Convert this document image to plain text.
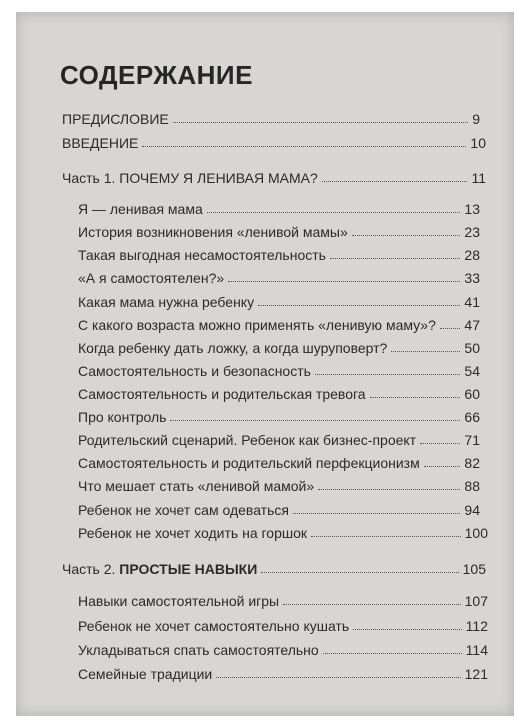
СОДЕРЖАНИЕ
ПРЕДИСЛОВИЕ	9
ВВЕДЕНИЕ	10
Часть 1. ПОЧЕМУ Я ЛЕНИВАЯ МАМА?	11
Я — ленивая мама	13
История возникновения «ленивой мамы»	23
Такая выгодная несамостоятельность	28
«А я самостоятелен?»	33
Какая мама нужна ребенку	41
С какого возраста можно применять «ленивую маму»? 47
Когда ребенку дать ложку, а когда шуруповерт?	50
Самостоятельность и безопасность	54
Самостоятельность и родительская тревога	60
Про контроль	66
Родительский сценарий. Ребенок как бизнес-проект	71
Самостоятельность и родительский перфекционизм	82
Что мешает стать «ленивой мамой»	88
Ребенок не хочет сам одеваться	94
Ребенок не хочет ходить на горшок	100
Часть 2. ПРОСТЫЕ НАВЫКИ	105
Навыки самостоятельной игры	107
Ребенок не хочет самостоятельно кушать	112
Укладываться спать самостоятельно	114
Семейные традиции	121
